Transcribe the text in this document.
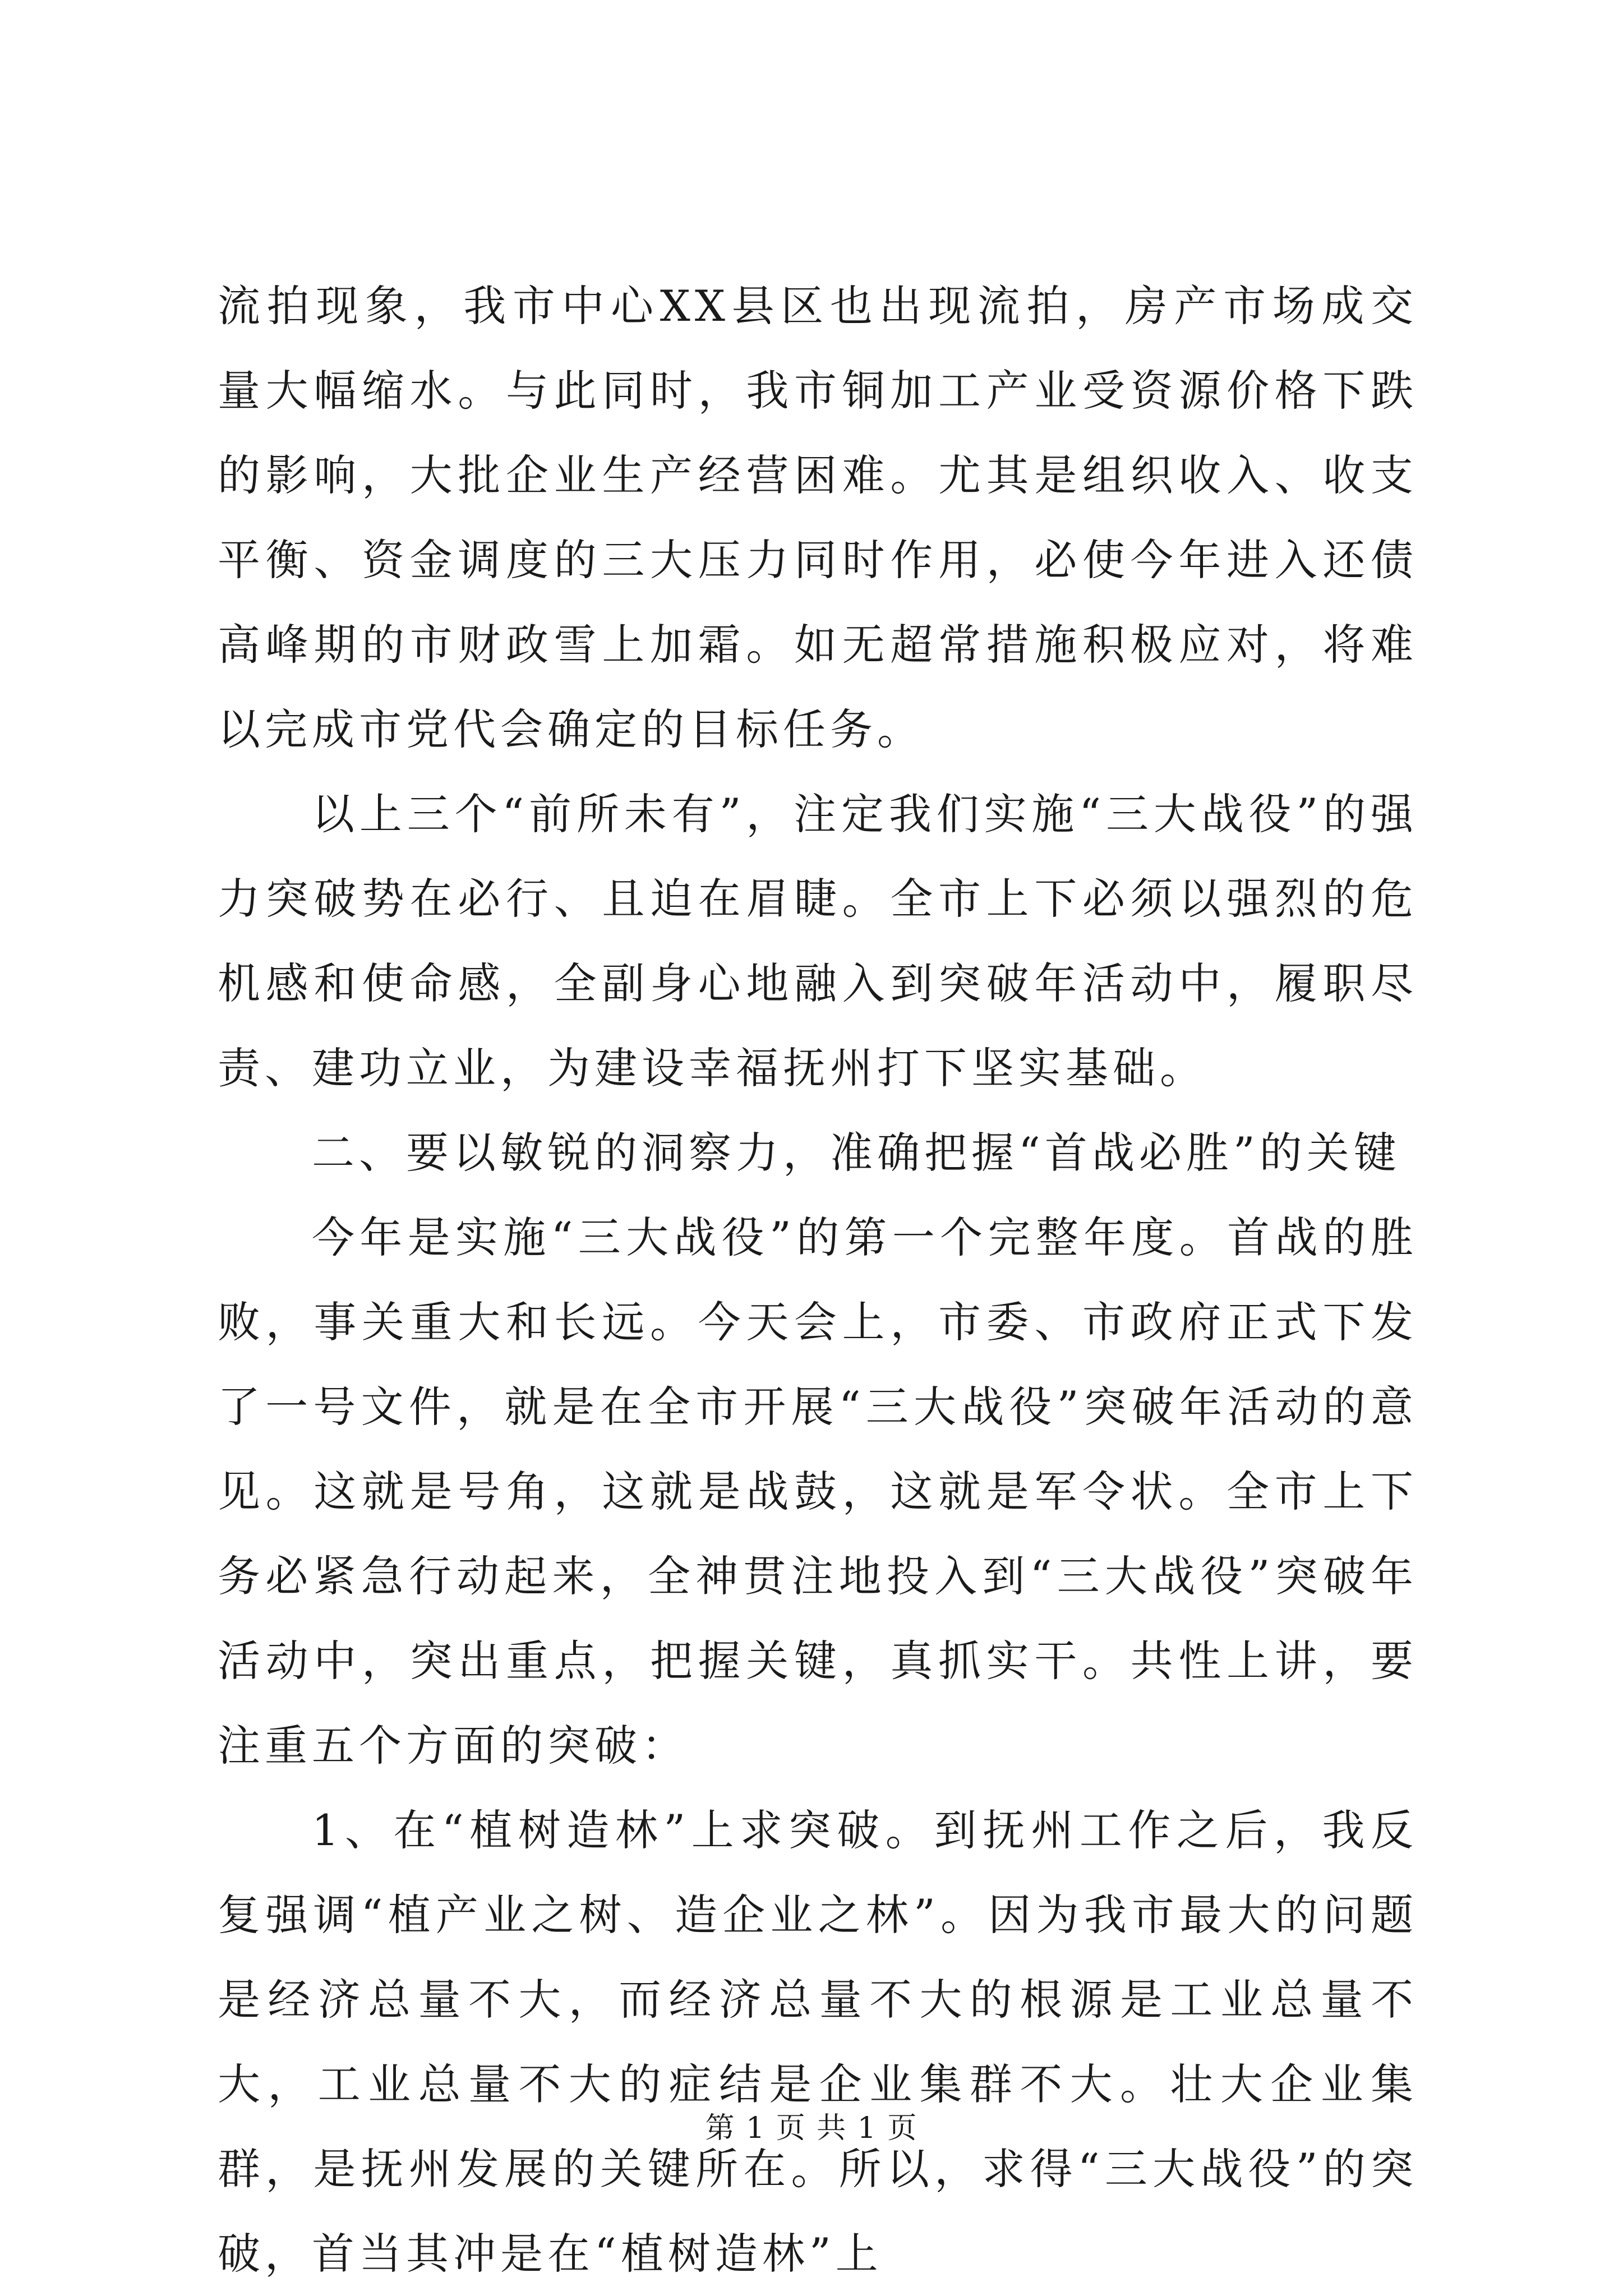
流拍现象，我市中心XX县区也出现流拍，房产市场成交量大幅缩水。与此同时，我市铜加工产业受资源价格下跌的影响，大批企业生产经营困难。尤其是组织收入、收支平衡、资金调度的三大压力同时作用，必使今年进入还债高峰期的市财政雪上加霜。如无超常措施积极应对，将难以完成市党代会确定的目标任务。

以上三个“前所未有”，注定我们实施“三大战役”的强力突破势在必行、且迫在眉睫。全市上下必须以强烈的危机感和使命感，全副身心地融入到突破年活动中，履职尽责、建功立业，为建设幸福抚州打下坚实基础。

二、要以敏锐的洞察力，准确把握“首战必胜”的关键

今年是实施“三大战役”的第一个完整年度。首战的胜败，事关重大和长远。今天会上，市委、市政府正式下发了一号文件，就是在全市开展“三大战役”突破年活动的意见。这就是号角，这就是战鼓，这就是军令状。全市上下务必紧急行动起来，全神贯注地投入到“三大战役”突破年活动中，突出重点，把握关键，真抓实干。共性上讲，要注重五个方面的突破：

1、在“植树造林”上求突破。到抚州工作之后，我反复强调“植产业之树、造企业之林”。因为我市最大的问题是经济总量不大，而经济总量不大的根源是工业总量不大，工业总量不大的症结是企业集群不大。壮大企业集群，是抚州发展的关键所在。所以，求得“三大战役”的突破，首当其冲是在“植树造林”上

第 1 页 共 1 页
